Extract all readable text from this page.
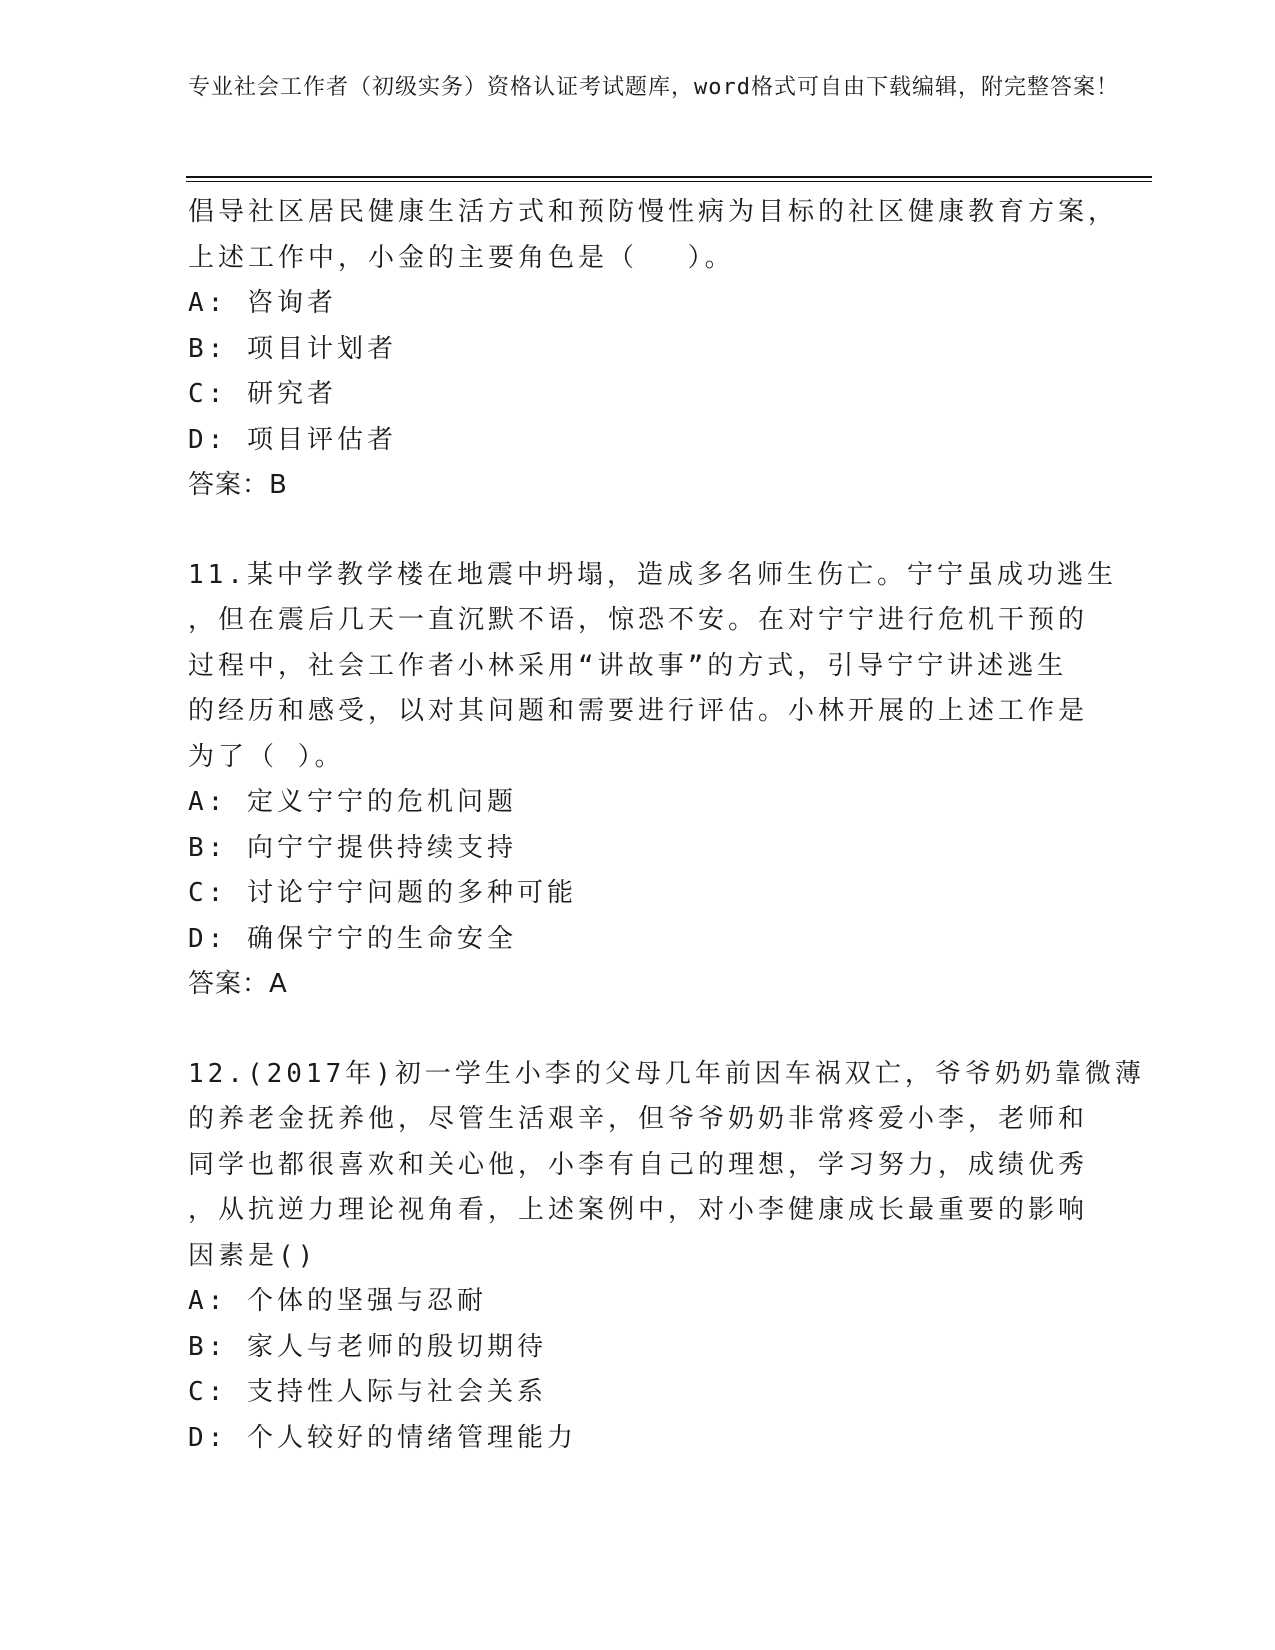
专业社会工作者（初级实务）资格认证考试题库，word格式可自由下载编辑，附完整答案！
倡导社区居民健康生活方式和预防慢性病为目标的社区健康教育方案，
上述工作中，小金的主要角色是（　 ）。
A: 咨询者
B: 项目计划者
C: 研究者
D: 项目评估者
答案：B
11.某中学教学楼在地震中坍塌，造成多名师生伤亡。宁宁虽成功逃生
，但在震后几天一直沉默不语，惊恐不安。在对宁宁进行危机干预的
过程中，社会工作者小林采用“讲故事”的方式，引导宁宁讲述逃生
的经历和感受，以对其问题和需要进行评估。小林开展的上述工作是
为了（ ）。
A: 定义宁宁的危机问题
B: 向宁宁提供持续支持
C: 讨论宁宁问题的多种可能
D: 确保宁宁的生命安全
答案：A
12.(2017年)初一学生小李的父母几年前因车祸双亡，爷爷奶奶靠微薄
的养老金抚养他，尽管生活艰辛，但爷爷奶奶非常疼爱小李，老师和
同学也都很喜欢和关心他，小李有自己的理想，学习努力，成绩优秀
，从抗逆力理论视角看，上述案例中，对小李健康成长最重要的影响
因素是()
A: 个体的坚强与忍耐
B: 家人与老师的殷切期待
C: 支持性人际与社会关系
D: 个人较好的情绪管理能力
